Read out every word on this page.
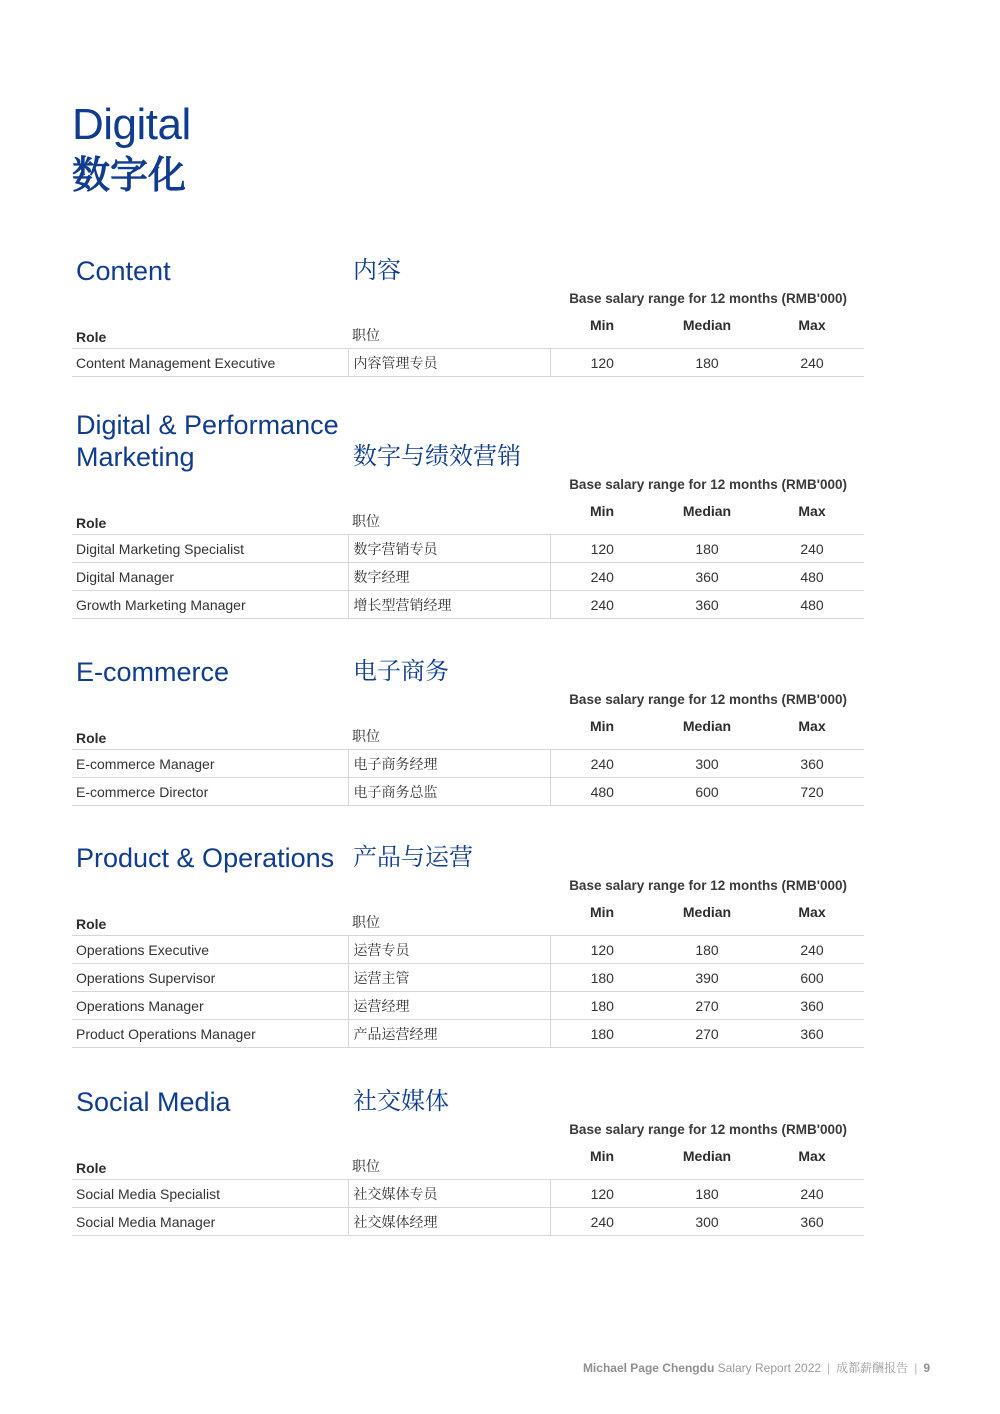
Digital
数字化
Content	内容
Base salary range for 12 months (RMB'000)
Role	职位	Min	Median	Max
Content Management Executive	内容管理专员	120	180	240
Digital & Performance
Marketing	数字与绩效营销
Base salary range for 12 months (RMB'000)
Role	职位	Min	Median	Max
Digital Marketing Specialist	数字营销专员	120	180	240
Digital Manager	数字经理	240	360	480
Growth Marketing Manager	增长型营销经理	240	360	480
E-commerce	电子商务
Base salary range for 12 months (RMB'000)
Role	职位	Min	Median	Max
E-commerce Manager	电子商务经理	240	300	360
E-commerce Director	电子商务总监	480	600	720
Product & Operations 产品与运营
Base salary range for 12 months (RMB'000)
Role	职位	Min	Median	Max
Operations Executive	运营专员	120	180	240
Operations Supervisor	运营主管	180	390	600
Operations Manager	运营经理	180	270	360
Product Operations Manager	产品运营经理	180	270	360
Social Media	社交媒体
Base salary range for 12 months (RMB'000)
Role	职位	Min	Median	Max
Social Media Specialist	社交媒体专员	120	180	240
Social Media Manager	社交媒体经理	240	300	360
Michael Page Chengdu Salary Report 2022 | 成都薪酬报告 | 9
